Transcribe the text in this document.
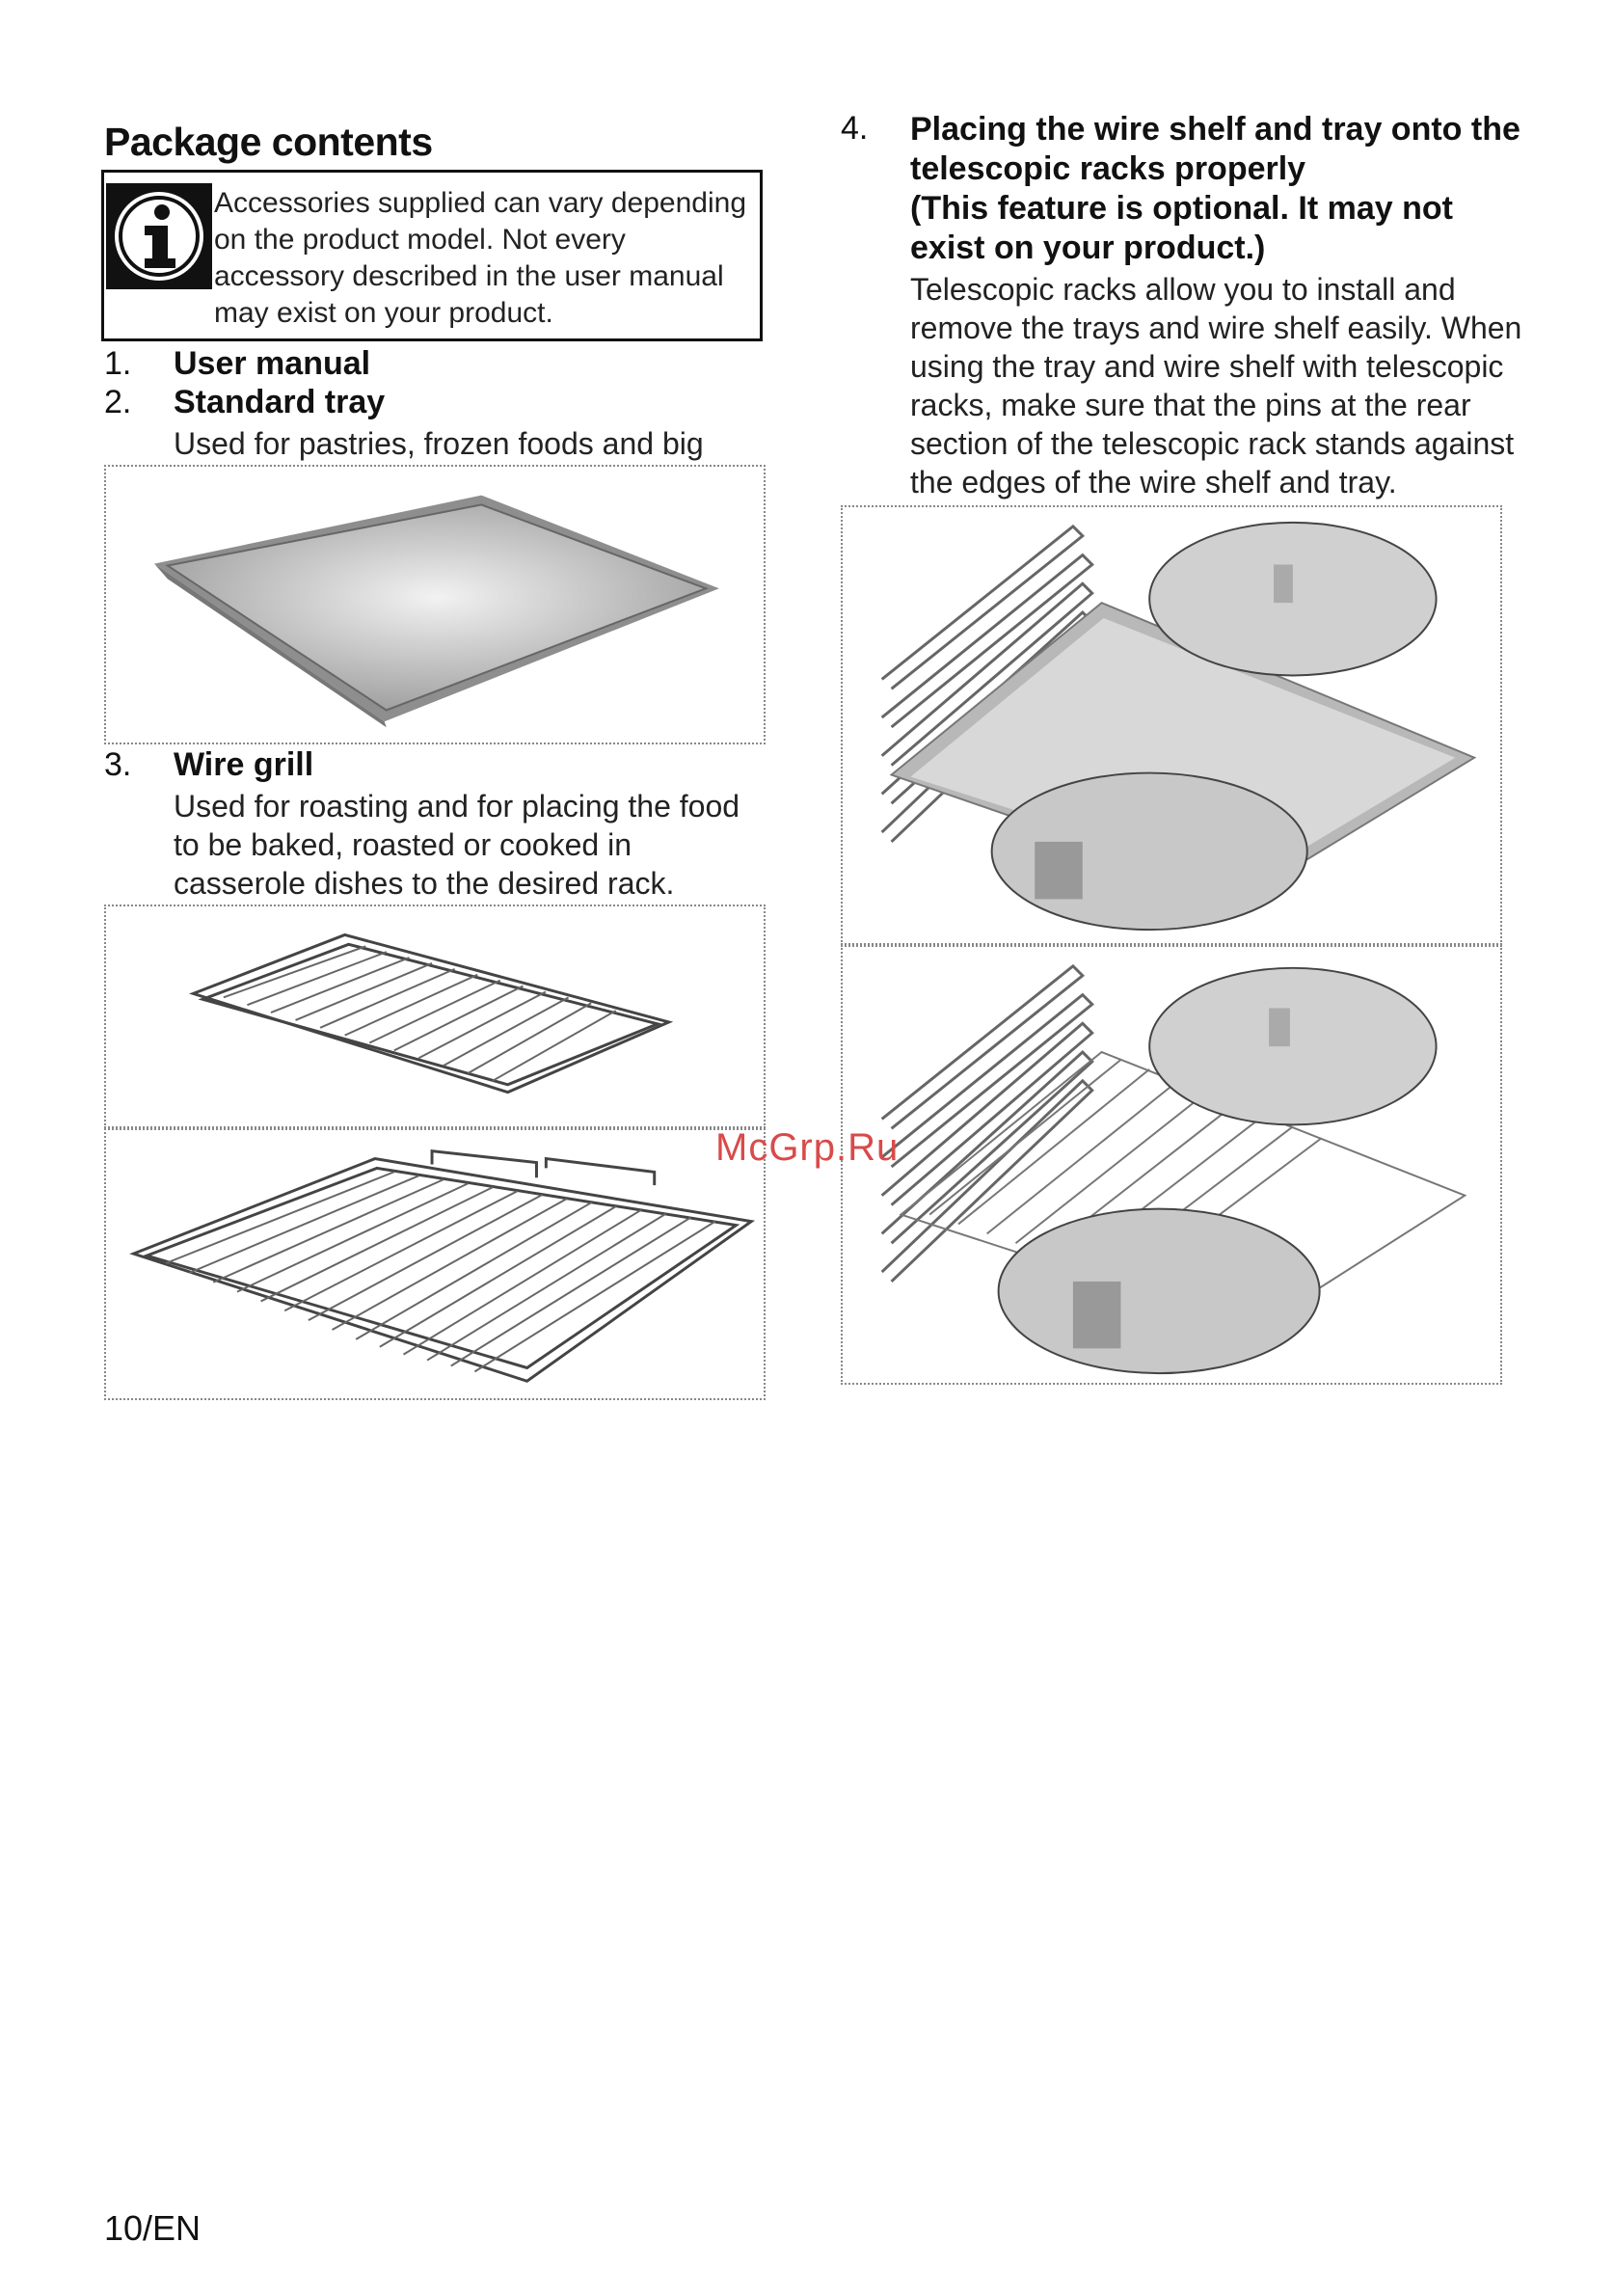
Package contents
Accessories supplied can vary depending on the product model. Not every accessory described in the user manual may exist on your product.
1. User manual
2. Standard tray
Used for pastries, frozen foods and big
3. Wire grill
Used for roasting and for placing the food to be baked, roasted or cooked in casserole dishes to the desired rack.
4. Placing the wire shelf and tray onto the telescopic racks properly
(This feature is optional. It may not exist on your product.)
Telescopic racks allow you to install and remove the trays and wire shelf easily. When using the tray and wire shelf with telescopic racks, make sure that the pins at the rear section of the telescopic rack stands against the edges of the wire shelf and tray.
McGrp.Ru
10/EN
